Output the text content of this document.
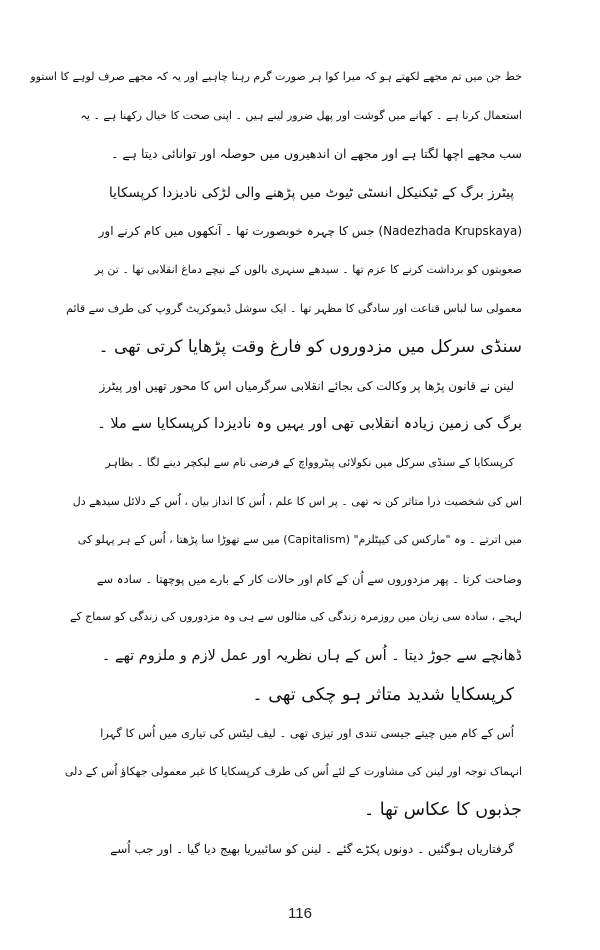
خط جن میں تم مجھے لکھتے ہو کہ میرا کوا ہر صورت گرم رہنا چاہیے اور یہ کہ مجھے صرف لوہے کا استوو
استعمال کرنا ہے ۔ کھانے میں گوشت اور پھل ضرور لینے ہیں ۔ اپنی صحت کا خیال رکھنا ہے ۔ یہ
سب مجھے اچھا لگتا ہے اور مجھے ان اندھیروں میں حوصلہ اور توانائی دیتا ہے ۔
پیٹرز برگ کے ٹیکنیکل انسٹی ٹیوٹ میں پڑھنے والی لڑکی نادیزدا کرپسکایا
(Nadezhada Krupskaya) جس کا چہرہ خوبصورت تھا ۔ آنکھوں میں کام کرنے اور
صعوبتوں کو برداشت کرنے کا عزم تھا ۔ سیدھے سنہری بالوں کے نیچے دماغ انقلابی تھا ۔ تن پر
معمولی سا لباس قناعت اور سادگی کا مظہر تھا ۔ ایک سوشل ڈیموکریٹ گروپ کی طرف سے قائم
سنڈی سرکل میں مزدوروں کو فارغ وقت پڑھایا کرتی تھی ۔
لینن نے قانون پڑھا پر وکالت کی بجائے انقلابی سرگرمیاں اس کا محور تھیں اور پیٹرز
برگ کی زمین زیادہ انقلابی تھی اور یہیں وہ نادیزدا کرپسکایا سے ملا ۔
کرپسکایا کے سنڈی سرکل میں نکولائی پیٹروواچ کے فرضی نام سے لیکچر دینے لگا ۔ بظاہر
اس کی شخصیت ذرا متاثر کن نہ تھی ۔ پر اس کا علم ، اُس کا انداز بیان ، اُس کے دلائل سیدھے دل
میں اترتے ۔ وہ "مارکس کی کیپٹلزم" (Capitalism) میں سے تھوڑا سا پڑھتا ، اُس کے ہر پہلو کی
وضاحت کرتا ۔ پھر مزدوروں سے اُن کے کام اور حالات کار کے بارے میں پوچھتا ۔ سادہ سے
لہجے ، سادہ سی زبان میں روزمرہ زندگی کی مثالوں سے ہی وہ مزدوروں کی زندگی کو سماج کے
ڈھانچے سے جوڑ دیتا ۔ اُس کے ہاں نظریہ اور عمل لازم و ملزوم تھے ۔
کرپسکایا شدید متاثر ہو چکی تھی ۔
اُس کے کام میں چیتے جیسی تندی اور تیزی تھی ۔ لیف لیٹس کی تیاری میں اُس کا گہرا
انہماک توجہ اور لینن کی مشاورت کے لئے اُس کی طرف کرپسکایا کا غیر معمولی جھکاؤ اُس کے دلی
جذبوں کا عکاس تھا ۔
گرفتاریاں ہوگئیں ۔ دونوں پکڑے گئے ۔ لینن کو سائبیریا بھیج دیا گیا ۔ اور جب اُسے
116
